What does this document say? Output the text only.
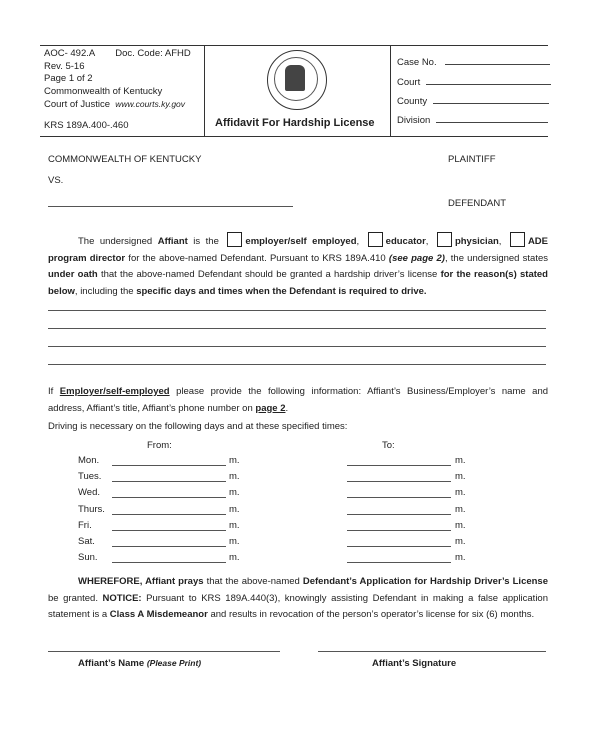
AOC- 492.A Doc. Code: AFHD
Rev. 5-16
Page 1 of 2
Commonwealth of Kentucky
Court of Justice www.courts.ky.gov
KRS 189A.400-.460	Affidavit For Hardship License
Case No.
Court
County
Division
COMMONWEALTH OF KENTUCKY	PLAINTIFF
VS.
DEFENDANT
The undersigned Affiant is the	employer/self employed, educator, physician, ADE program director for the above-named Defendant. Pursuant to KRS 189A.410 (see page 2), the undersigned states under oath that the above-named Defendant should be granted a hardship driver’s license for the reason(s) stated below, including the specific days and times when the Defendant is required to drive.
If Employer/self-employed please provide the following information: Affiant’s Business/Employer’s name and address, Affiant’s title, Affiant’s phone number on page 2.
Driving is necessary on the following days and at these specified times:
From:	To:
Mon.	m.	m.
Tues.	m.	m.
Wed.	m.	m.
Thurs.	m.	m.
Fri.	m.	m.
Sat.	m.	m.
Sun.	m.	m.
WHEREFORE, Affiant prays that the above-named Defendant’s Application for Hardship Driver’s License be granted. NOTICE: Pursuant to KRS 189A.440(3), knowingly assisting Defendant in making a false application statement is a Class A Misdemeanor and results in revocation of the person’s operator’s license for six (6) months.
Affiant’s Name (Please Print)	Affiant’s Signature
